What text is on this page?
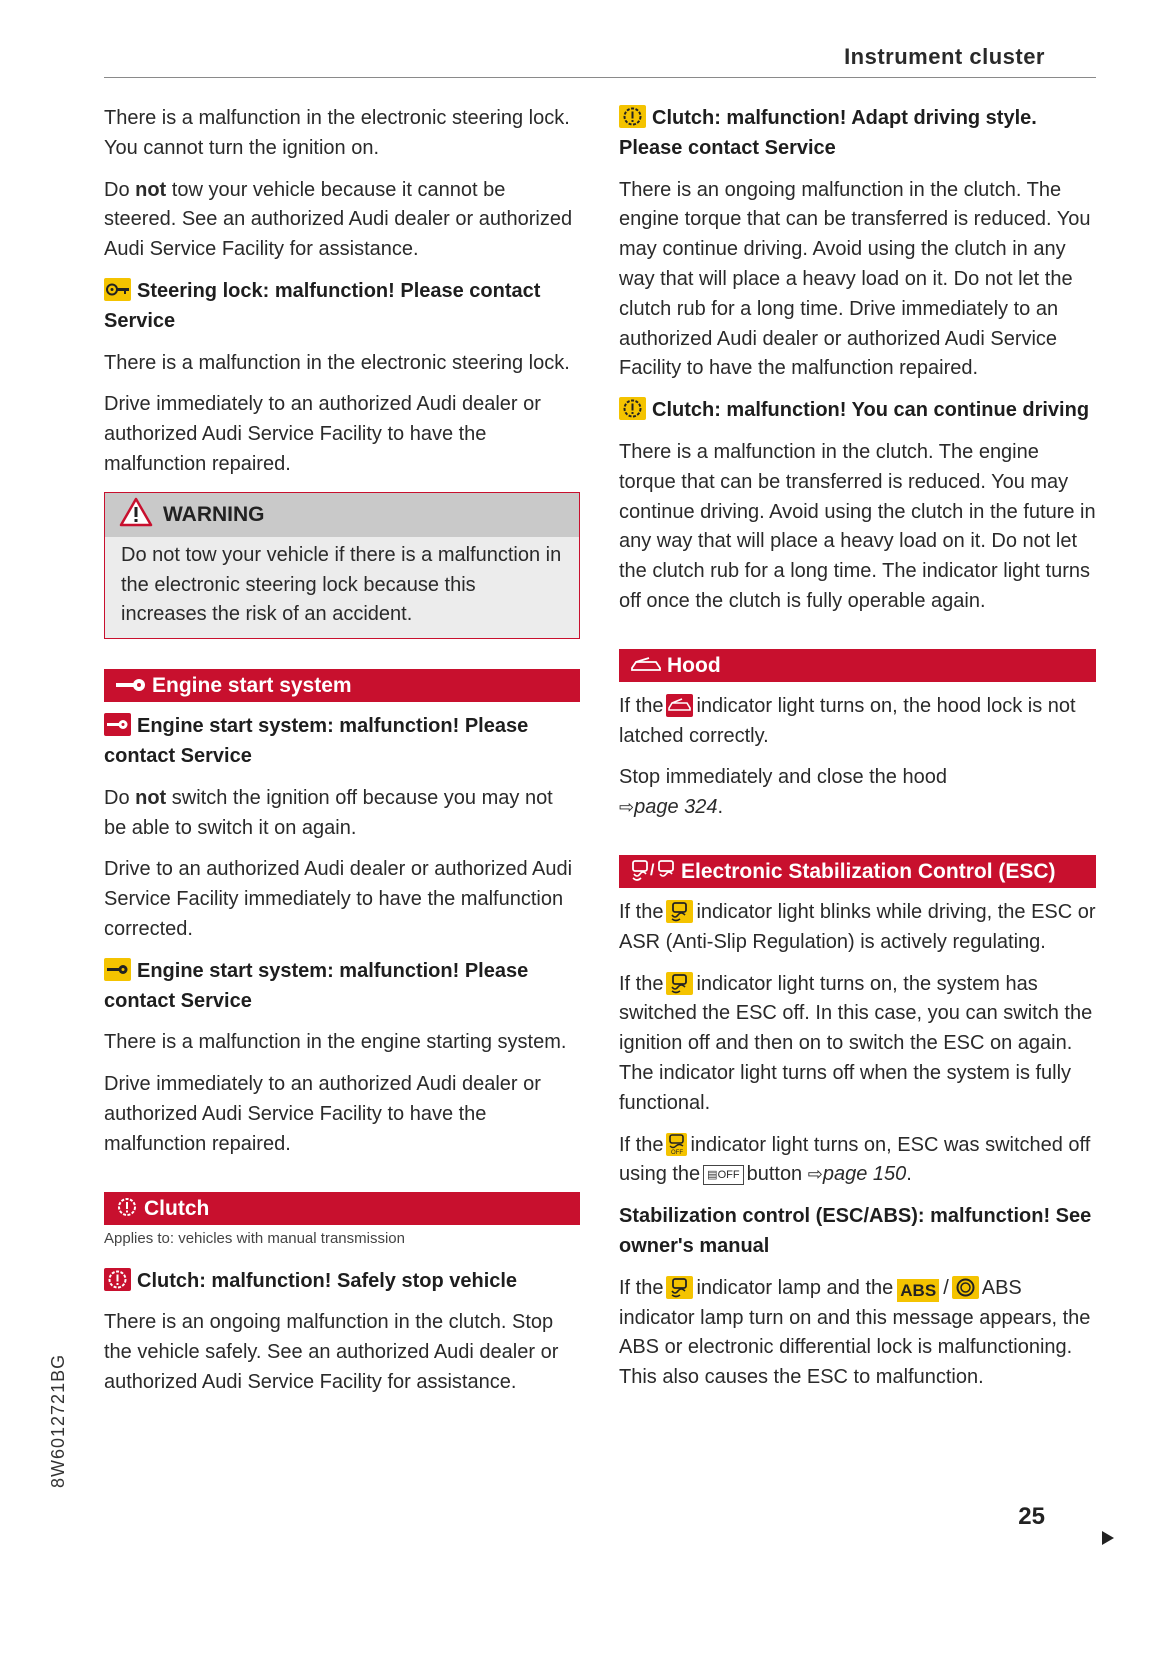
Instrument cluster

There is a malfunction in the electronic steering lock. You cannot turn the ignition on.

Do not tow your vehicle because it cannot be steered. See an authorized Audi dealer or authorized Audi Service Facility for assistance.

Steering lock: malfunction! Please contact Service

There is a malfunction in the electronic steering lock.

Drive immediately to an authorized Audi dealer or authorized Audi Service Facility to have the malfunction repaired.

WARNING
Do not tow your vehicle if there is a malfunction in the electronic steering lock because this increases the risk of an accident.
Engine start system
Engine start system: malfunction! Please contact Service

Do not switch the ignition off because you may not be able to switch it on again.

Drive to an authorized Audi dealer or authorized Audi Service Facility immediately to have the malfunction corrected.

Engine start system: malfunction! Please contact Service

There is a malfunction in the engine starting system.

Drive immediately to an authorized Audi dealer or authorized Audi Service Facility to have the malfunction repaired.

Clutch
Applies to: vehicles with manual transmission
Clutch: malfunction! Safely stop vehicle

There is an ongoing malfunction in the clutch. Stop the vehicle safely. See an authorized Audi dealer or authorized Audi Service Facility for assistance.

Clutch: malfunction! Adapt driving style. Please contact Service

There is an ongoing malfunction in the clutch. The engine torque that can be transferred is reduced. You may continue driving. Avoid using the clutch in any way that will place a heavy load on it. Do not let the clutch rub for a long time. Drive immediately to an authorized Audi dealer or authorized Audi Service Facility to have the malfunction repaired.

Clutch: malfunction! You can continue driving

There is a malfunction in the clutch. The engine torque that can be transferred is reduced. You may continue driving. Avoid using the clutch in the future in any way that will place a heavy load on it. Do not let the clutch rub for a long time. The indicator light turns off once the clutch is fully operable again.

Hood

If the indicator light turns on, the hood lock is not latched correctly.

Stop immediately and close the hood
⇨page 324.

/ Electronic Stabilization Control (ESC)

If the indicator light blinks while driving, the ESC or ASR (Anti-Slip Regulation) is actively regulating.

If the indicator light turns on, the system has switched the ESC off. In this case, you can switch the ignition off and then on to switch the ESC on again. The indicator light turns off when the system is fully functional.

If the OFF indicator light turns on, ESC was switched off using the ▤OFF button ⇨page 150.

Stabilization control (ESC/ABS): malfunction! See owner's manual

If the indicator lamp and the ABS / ABS indicator lamp turn on and this message appears, the ABS or electronic differential lock is malfunctioning. This also causes the ESC to malfunction.

8W6012721BG
25
